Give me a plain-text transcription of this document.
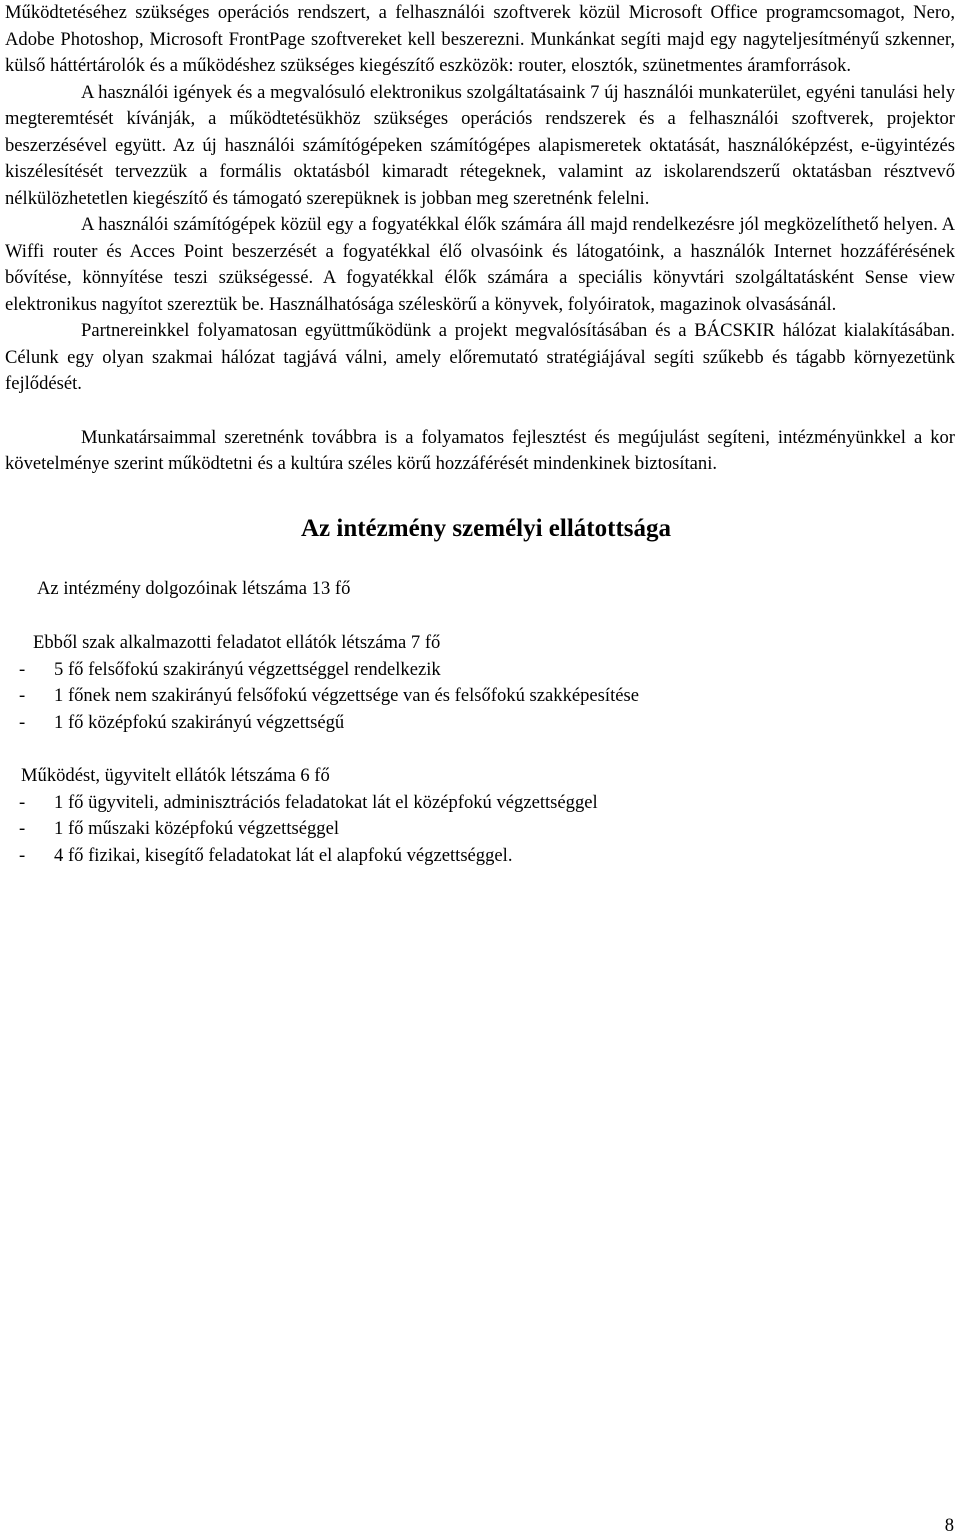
Működtetéséhez szükséges operációs rendszert, a felhasználói szoftverek közül Microsoft Office programcsomagot, Nero, Adobe Photoshop, Microsoft FrontPage szoftvereket kell beszerezni. Munkánkat segíti majd egy nagyteljesítményű szkenner, külső háttértárolók és a működéshez szükséges kiegészítő eszközök: router, elosztók, szünetmentes áramforrások.

A használói igények és a megvalósuló elektronikus szolgáltatásaink 7 új használói munkaterület, egyéni tanulási hely megteremtését kívánják, a működtetésükhöz szükséges operációs rendszerek és a felhasználói szoftverek, projektor beszerzésével együtt. Az új használói számítógépeken számítógépes alapismeretek oktatását, használóképzést, e-ügyintézés kiszélesítését tervezzük a formális oktatásból kimaradt rétegeknek, valamint az iskolarendszerű oktatásban résztvevő nélkülözhetetlen kiegészítő és támogató szerepüknek is jobban meg szeretnénk felelni.

A használói számítógépek közül egy a fogyatékkal élők számára áll majd rendelkezésre jól megközelíthető helyen. A Wiffi router és Acces Point beszerzését a fogyatékkal élő olvasóink és látogatóink, a használók Internet hozzáférésének bővítése, könnyítése teszi szükségessé. A fogyatékkal élők számára a speciális könyvtári szolgáltatásként Sense view elektronikus nagyítot szereztük be. Használhatósága széleskörű a könyvek, folyóiratok, magazinok olvasásánál.

Partnereinkkel folyamatosan együttműködünk a projekt megvalósításában és a BÁCSKIR hálózat kialakításában. Célunk egy olyan szakmai hálózat tagjává válni, amely előremutató stratégiájával segíti szűkebb és tágabb környezetünk fejlődését.

Munkatársaimmal szeretnénk továbbra is a folyamatos fejlesztést és megújulást segíteni, intézményünkkel a kor követelménye szerint működtetni és a kultúra széles körű hozzáférését mindenkinek biztosítani.

Az intézmény személyi ellátottsága

Az intézmény dolgozóinak létszáma 13 fő

Ebből szak alkalmazotti feladatot ellátók létszáma 7 fő

- 5 fő felsőfokú szakirányú végzettséggel rendelkezik
- 1 főnek nem szakirányú felsőfokú végzettsége van és felsőfokú szakképesítése
- 1 fő középfokú szakirányú végzettségű

Működést, ügyvitelt ellátók létszáma 6 fő

- 1 fő ügyviteli, adminisztrációs feladatokat lát el középfokú végzettséggel
- 1 fő műszaki középfokú végzettséggel
- 4 fő fizikai, kisegítő feladatokat lát el alapfokú végzettséggel.
8
